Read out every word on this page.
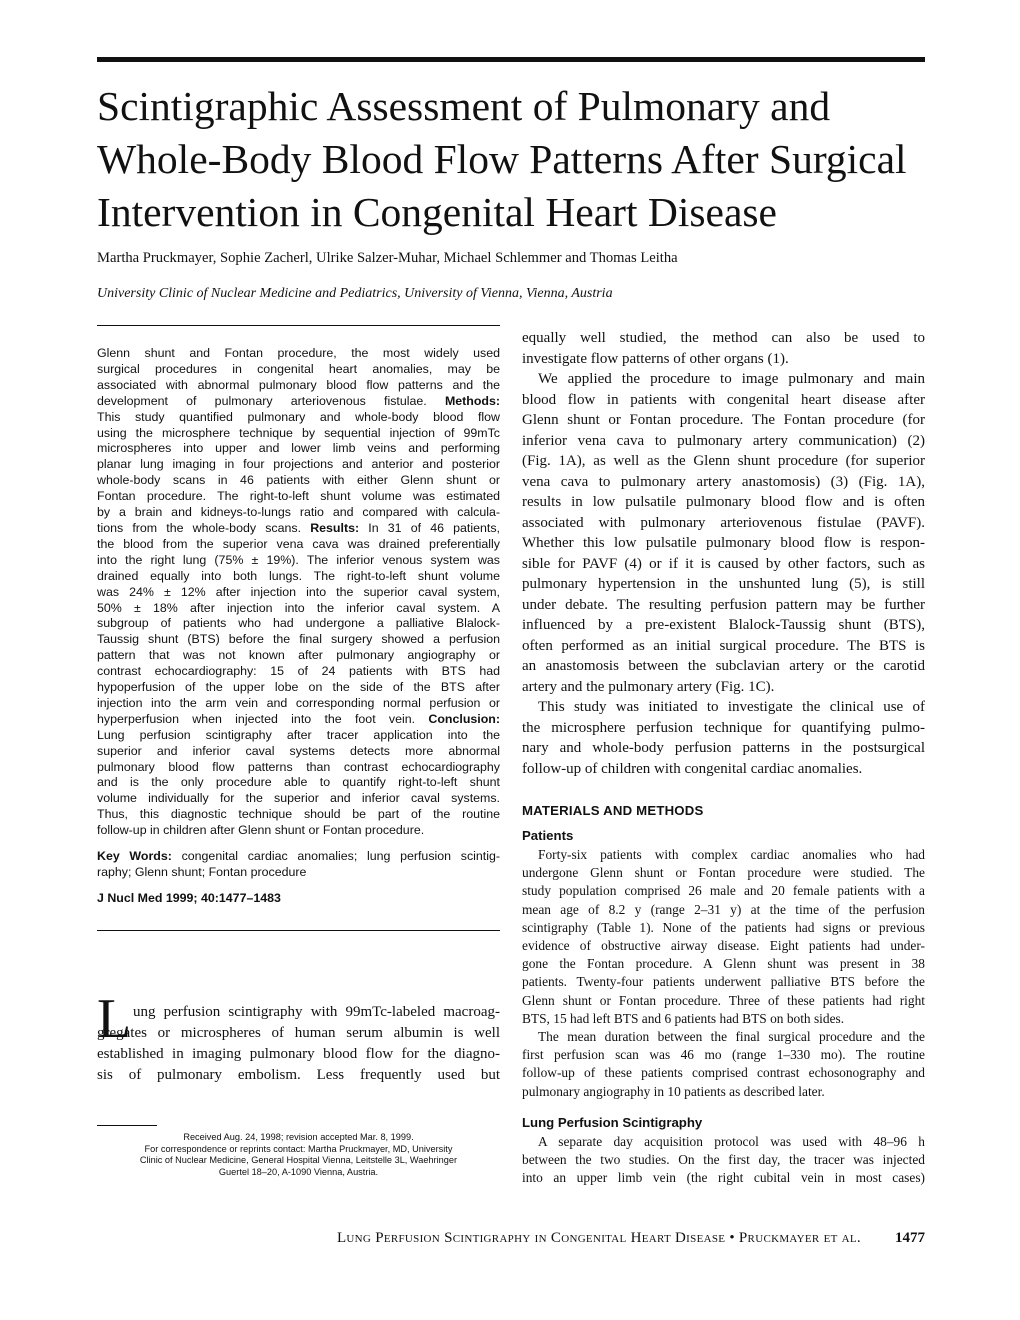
Scintigraphic Assessment of Pulmonary and
Whole-Body Blood Flow Patterns After Surgical
Intervention in Congenital Heart Disease
Martha Pruckmayer, Sophie Zacherl, Ulrike Salzer-Muhar, Michael Schlemmer and Thomas Leitha
University Clinic of Nuclear Medicine and Pediatrics, University of Vienna, Vienna, Austria
Glenn shunt and Fontan procedure, the most widely used
surgical procedures in congenital heart anomalies, may be
associated with abnormal pulmonary blood flow patterns and the
development of pulmonary arteriovenous fistulae. Methods:
This study quantified pulmonary and whole-body blood flow
using the microsphere technique by sequential injection of 99mTc
microspheres into upper and lower limb veins and performing
planar lung imaging in four projections and anterior and posterior
whole-body scans in 46 patients with either Glenn shunt or
Fontan procedure. The right-to-left shunt volume was estimated
by a brain and kidneys-to-lungs ratio and compared with calcula-
tions from the whole-body scans. Results: In 31 of 46 patients,
the blood from the superior vena cava was drained preferentially
into the right lung (75% ± 19%). The inferior venous system was
drained equally into both lungs. The right-to-left shunt volume
was 24% ± 12% after injection into the superior caval system,
50% ± 18% after injection into the inferior caval system. A
subgroup of patients who had undergone a palliative Blalock-
Taussig shunt (BTS) before the final surgery showed a perfusion
pattern that was not known after pulmonary angiography or
contrast echocardiography: 15 of 24 patients with BTS had
hypoperfusion of the upper lobe on the side of the BTS after
injection into the arm vein and corresponding normal perfusion or
hyperperfusion when injected into the foot vein. Conclusion:
Lung perfusion scintigraphy after tracer application into the
superior and inferior caval systems detects more abnormal
pulmonary blood flow patterns than contrast echocardiography
and is the only procedure able to quantify right-to-left shunt
volume individually for the superior and inferior caval systems.
Thus, this diagnostic technique should be part of the routine
follow-up in children after Glenn shunt or Fontan procedure.
Key Words: congenital cardiac anomalies; lung perfusion scintig-
raphy; Glenn shunt; Fontan procedure
J Nucl Med 1999; 40:1477–1483
L ung perfusion scintigraphy with 99mTc-labeled macroag-
gregates or microspheres of human serum albumin is well
established in imaging pulmonary blood flow for the diagno-
sis of pulmonary embolism. Less frequently used but

Received Aug. 24, 1998; revision accepted Mar. 8, 1999.

For correspondence or reprints contact: Martha Pruckmayer, MD, University

Clinic of Nuclear Medicine, General Hospital Vienna, Leitstelle 3L, Waehringer

Guertel 18–20, A-1090 Vienna, Austria.

equally well studied, the method can also be used to
investigate flow patterns of other organs (1).
We applied the procedure to image pulmonary and main
blood flow in patients with congenital heart disease after
Glenn shunt or Fontan procedure. The Fontan procedure (for
inferior vena cava to pulmonary artery communication) (2)
(Fig. 1A), as well as the Glenn shunt procedure (for superior
vena cava to pulmonary artery anastomosis) (3) (Fig. 1A),
results in low pulsatile pulmonary blood flow and is often
associated with pulmonary arteriovenous fistulae (PAVF).
Whether this low pulsatile pulmonary blood flow is respon-
sible for PAVF (4) or if it is caused by other factors, such as
pulmonary hypertension in the unshunted lung (5), is still
under debate. The resulting perfusion pattern may be further
influenced by a pre-existent Blalock-Taussig shunt (BTS),
often performed as an initial surgical procedure. The BTS is
an anastomosis between the subclavian artery or the carotid
artery and the pulmonary artery (Fig. 1C).
This study was initiated to investigate the clinical use of
the microsphere perfusion technique for quantifying pulmo-
nary and whole-body perfusion patterns in the postsurgical
follow-up of children with congenital cardiac anomalies.
MATERIALS AND METHODS
Patients
Forty-six patients with complex cardiac anomalies who had
undergone Glenn shunt or Fontan procedure were studied. The
study population comprised 26 male and 20 female patients with a
mean age of 8.2 y (range 2–31 y) at the time of the perfusion
scintigraphy (Table 1). None of the patients had signs or previous
evidence of obstructive airway disease. Eight patients had under-
gone the Fontan procedure. A Glenn shunt was present in 38
patients. Twenty-four patients underwent palliative BTS before the
Glenn shunt or Fontan procedure. Three of these patients had right
BTS, 15 had left BTS and 6 patients had BTS on both sides.
The mean duration between the final surgical procedure and the
first perfusion scan was 46 mo (range 1–330 mo). The routine
follow-up of these patients comprised contrast echosonography and
pulmonary angiography in 10 patients as described later.
Lung Perfusion Scintigraphy
A separate day acquisition protocol was used with 48–96 h
between the two studies. On the first day, the tracer was injected
into an upper limb vein (the right cubital vein in most cases)
Lung Perfusion Scintigraphy in Congenital Heart Disease • Pruckmayer et al. 1477
